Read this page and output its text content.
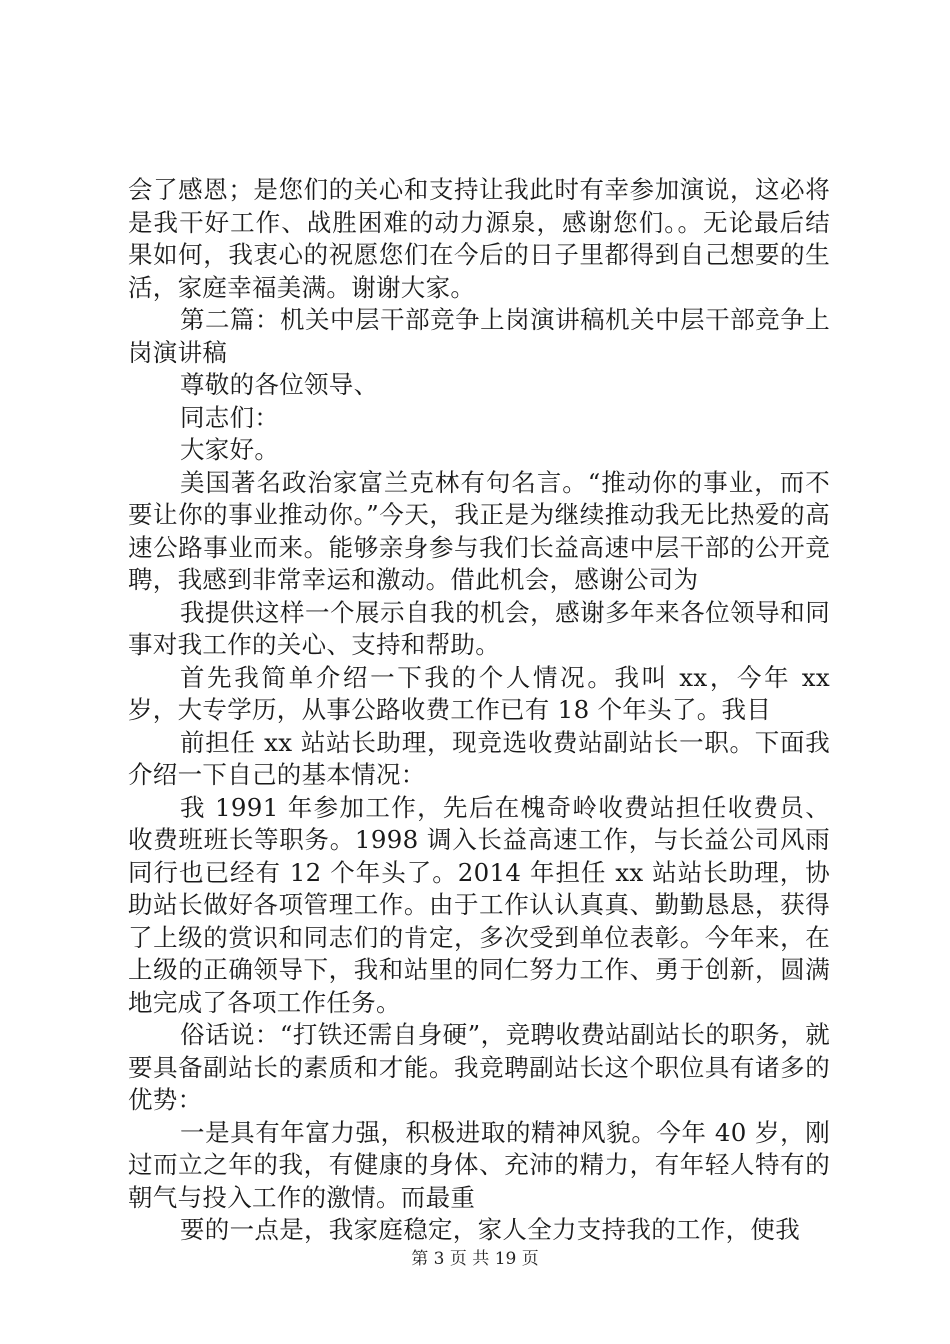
会了感恩；是您们的关心和支持让我此时有幸参加演说，这必将是我干好工作、战胜困难的动力源泉，感谢您们。。无论最后结果如何，我衷心的祝愿您们在今后的日子里都得到自己想要的生活，家庭幸福美满。谢谢大家。

第二篇：机关中层干部竞争上岗演讲稿机关中层干部竞争上岗演讲稿

尊敬的各位领导、

同志们：

大家好。

美国著名政治家富兰克林有句名言。“推动你的事业，而不要让你的事业推动你。”今天，我正是为继续推动我无比热爱的高速公路事业而来。能够亲身参与我们长益高速中层干部的公开竞聘，我感到非常幸运和激动。借此机会，感谢公司为

我提供这样一个展示自我的机会，感谢多年来各位领导和同事对我工作的关心、支持和帮助。

首先我简单介绍一下我的个人情况。我叫 xx，今年 xx 岁，大专学历，从事公路收费工作已有 18 个年头了。我目

前担任 xx 站站长助理，现竞选收费站副站长一职。下面我介绍一下自己的基本情况：

我 1991 年参加工作，先后在槐奇岭收费站担任收费员、收费班班长等职务。1998 调入长益高速工作，与长益公司风雨同行也已经有 12 个年头了。2014 年担任 xx 站站长助理，协助站长做好各项管理工作。由于工作认认真真、勤勤恳恳，获得了上级的赏识和同志们的肯定，多次受到单位表彰。今年来，在上级的正确领导下，我和站里的同仁努力工作、勇于创新，圆满地完成了各项工作任务。

俗话说：“打铁还需自身硬”，竞聘收费站副站长的职务，就要具备副站长的素质和才能。我竞聘副站长这个职位具有诸多的优势：

一是具有年富力强，积极进取的精神风貌。今年 40 岁，刚过而立之年的我，有健康的身体、充沛的精力，有年轻人特有的朝气与投入工作的激情。而最重

要的一点是，我家庭稳定，家人全力支持我的工作，使我

第 3 页 共 19 页
